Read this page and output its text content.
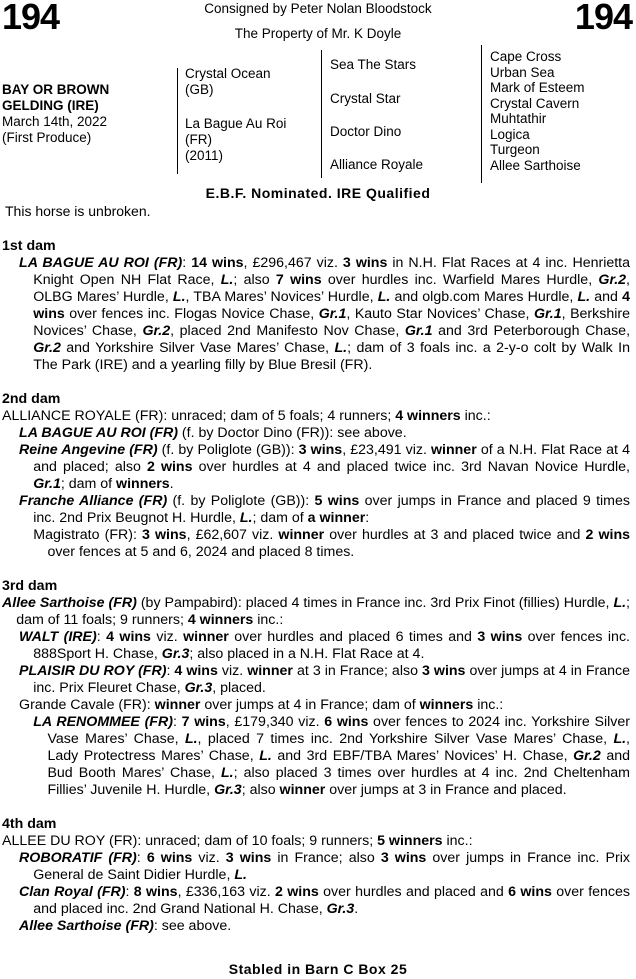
194	194
Consigned by Peter Nolan Bloodstock
The Property of Mr. K Doyle
BAY OR BROWN
GELDING (IRE)
March 14th, 2022
(First Produce)
Crystal Ocean
(GB)
La Bague Au Roi
(FR)
(2011)
Sea The Stars
Crystal Star
Doctor Dino
Alliance Royale
Cape Cross
Urban Sea
Mark of Esteem
Crystal Cavern
Muhtathir
Logica
Turgeon
Allee Sarthoise
E.B.F. Nominated. IRE Qualified
This horse is unbroken.
1st dam
LA BAGUE AU ROI (FR): 14 wins, £296,467 viz. 3 wins in N.H. Flat Races at 4 inc. Henrietta Knight Open NH Flat Race, L.; also 7 wins over hurdles inc. Warfield Mares Hurdle, Gr.2, OLBG Mares’ Hurdle, L., TBA Mares’ Novices’ Hurdle, L. and olgb.com Mares Hurdle, L. and 4 wins over fences inc. Flogas Novice Chase, Gr.1, Kauto Star Novices’ Chase, Gr.1, Berkshire Novices’ Chase, Gr.2, placed 2nd Manifesto Nov Chase, Gr.1 and 3rd Peterborough Chase, Gr.2 and Yorkshire Silver Vase Mares’ Chase, L.; dam of 3 foals inc. a 2-y-o colt by Walk In The Park (IRE) and a yearling filly by Blue Bresil (FR).
2nd dam
ALLIANCE ROYALE (FR): unraced; dam of 5 foals; 4 runners; 4 winners inc.:
LA BAGUE AU ROI (FR) (f. by Doctor Dino (FR)): see above.
Reine Angevine (FR) (f. by Poliglote (GB)): 3 wins, £23,491 viz. winner of a N.H. Flat Race at 4 and placed; also 2 wins over hurdles at 4 and placed twice inc. 3rd Navan Novice Hurdle, Gr.1; dam of winners.
Franche Alliance (FR) (f. by Poliglote (GB)): 5 wins over jumps in France and placed 9 times inc. 2nd Prix Beugnot H. Hurdle, L.; dam of a winner:
Magistrato (FR): 3 wins, £62,607 viz. winner over hurdles at 3 and placed twice and 2 wins over fences at 5 and 6, 2024 and placed 8 times.
3rd dam
Allee Sarthoise (FR) (by Pampabird): placed 4 times in France inc. 3rd Prix Finot (fillies) Hurdle, L.; dam of 11 foals; 9 runners; 4 winners inc.:
WALT (IRE): 4 wins viz. winner over hurdles and placed 6 times and 3 wins over fences inc. 888Sport H. Chase, Gr.3; also placed in a N.H. Flat Race at 4.
PLAISIR DU ROY (FR): 4 wins viz. winner at 3 in France; also 3 wins over jumps at 4 in France inc. Prix Fleuret Chase, Gr.3, placed.
Grande Cavale (FR): winner over jumps at 4 in France; dam of winners inc.:
LA RENOMMEE (FR): 7 wins, £179,340 viz. 6 wins over fences to 2024 inc. Yorkshire Silver Vase Mares’ Chase, L., placed 7 times inc. 2nd Yorkshire Silver Vase Mares’ Chase, L., Lady Protectress Mares’ Chase, L. and 3rd EBF/TBA Mares’ Novices’ H. Chase, Gr.2 and Bud Booth Mares’ Chase, L.; also placed 3 times over hurdles at 4 inc. 2nd Cheltenham Fillies’ Juvenile H. Hurdle, Gr.3; also winner over jumps at 3 in France and placed.
4th dam
ALLEE DU ROY (FR): unraced; dam of 10 foals; 9 runners; 5 winners inc.:
ROBORATIF (FR): 6 wins viz. 3 wins in France; also 3 wins over jumps in France inc. Prix General de Saint Didier Hurdle, L.
Clan Royal (FR): 8 wins, £336,163 viz. 2 wins over hurdles and placed and 6 wins over fences and placed inc. 2nd Grand National H. Chase, Gr.3.
Allee Sarthoise (FR): see above.
Stabled in Barn C Box 25
